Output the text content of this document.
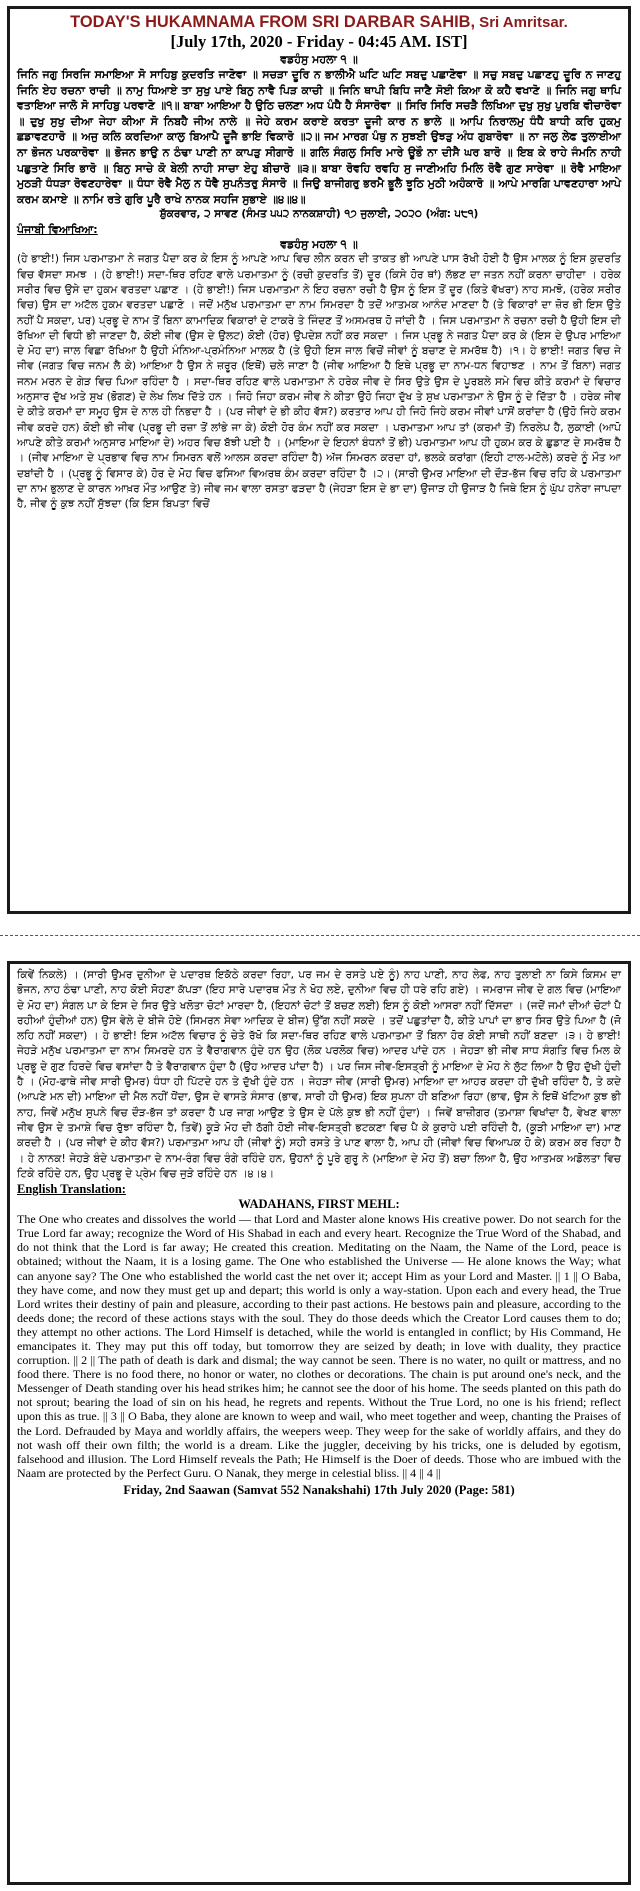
TODAY'S HUKAMNAMA FROM SRI DARBAR SAHIB, Sri Amritsar.
[July 17th, 2020 - Friday - 04:45 AM. IST]
ਵਡਹੰਸੁ ਮਹਲਾ ੧ ॥

ਜਿਨਿ ਜਗੁ ਸਿਰਜਿ ਸਮਾਇਆ ਸੋ ਸਾਹਿਬੁ ਕੁਦਰਤਿ ਜਾਣੋਵਾ ॥ ਸਚੜਾ ਦੂਰਿ ਨ ਭਾਲੀਐ ਘਟਿ ਘਟਿ ਸਬਦੁ ਪਛਾਣੋਵਾ ॥ ਸਚੁ ਸਬਦੁ ਪਛਾਣਹੁ ਦੂਰਿ ਨ ਜਾਣਹੁ ਜਿਨਿ ਏਹ ਰਚਨਾ ਰਾਚੀ ॥ ਨਾਮੁ ਧਿਆਏ ਤਾ ਸੁਖੁ ਪਾਏ ਬਿਨੁ ਨਾਵੈ ਪਿੜ ਕਾਚੀ ॥ ਜਿਨਿ ਥਾਪੀ ਬਿਧਿ ਜਾਣੈ ਸੋਈ ਕਿਆ ਕੋ ਕਹੈ ਵਖਾਣੋ ॥ ਜਿਨਿ ਜਗੁ ਥਾਪਿ ਵਤਾਇਆ ਜਾਲੋ ਸੋ ਸਾਹਿਬੁ ਪਰਵਾਣੋ ॥੧॥ ਬਾਬਾ ਆਇਆ ਹੈ ਉਠਿ ਚਲਣਾ ਅਧ ਪੰਧੈ ਹੈ ਸੰਸਾਰੋਵਾ ॥ ਸਿਰਿ ਸਿਰਿ ਸਚੜੈ ਲਿਖਿਆ ਦੁਖੁ ਸੁਖੁ ਪੁਰਬਿ ਵੀਚਾਰੋਵਾ ॥ ਦੁਖੁ ਸੁਖੁ ਦੀਆ ਜੇਹਾ ਕੀਆ ਸੋ ਨਿਬਹੈ ਜੀਅ ਨਾਲੇ ॥ ਜੇਹੇ ਕਰਮ ਕਰਾਏ ਕਰਤਾ ਦੂਜੀ ਕਾਰ ਨ ਭਾਲੇ ॥ ਆਪਿ ਨਿਰਾਲਮੁ ਧੰਧੈ ਬਾਧੀ ਕਰਿ ਹੁਕਮੁ ਛਡਾਵਣਹਾਰੋ ॥ ਅਜੁ ਕਲਿ ਕਰਦਿਆ ਕਾਲੁ ਬਿਆਪੈ ਦੂਜੈ ਭਾਇ ਵਿਕਾਰੋ ॥੨॥ ਜਮ ਮਾਰਗ ਪੰਥੁ ਨ ਸੁਝਈ ਉਝੜੁ ਅੰਧ ਗੁਬਾਰੋਵਾ ॥ ਨਾ ਜਲੁ ਲੇਫ ਤੁਲਾਈਆ ਨਾ ਭੋਜਨ ਪਰਕਾਰੋਵਾ ॥ ਭੋਜਨ ਭਾਉ ਨ ਠੰਢਾ ਪਾਣੀ ਨਾ ਕਾਪੜੁ ਸੀਗਾਰੋ ॥ ਗਲਿ ਸੰਗਲੁ ਸਿਰਿ ਮਾਰੇ ਊਭੌ ਨਾ ਦੀਸੈ ਘਰ ਬਾਰੋ ॥ ਇਬ ਕੇ ਰਾਹੇ ਜੰਮਨਿ ਨਾਹੀ ਪਛੁਤਾਣੇ ਸਿਰਿ ਭਾਰੋ ॥ ਬਿਨੁ ਸਾਚੇ ਕੋ ਬੇਲੀ ਨਾਹੀ ਸਾਚਾ ਏਹੁ ਬੀਚਾਰੋ ॥੩॥ ਬਾਬਾ ਰੋਵਹਿ ਰਵਹਿ ਸੁ ਜਾਣੀਅਹਿ ਮਿਲਿ ਰੋਵੈ ਗੁਣ ਸਾਰੇਵਾ ॥ ਰੋਵੈ ਮਾਇਆ ਮੁਠੜੀ ਧੰਧੜਾ ਰੋਵਣਹਾਰੇਵਾ ॥ ਧੰਧਾ ਰੋਵੈ ਮੈਲੁ ਨ ਧੋਵੈ ਸੁਪਨੰਤਰੁ ਸੰਸਾਰੋ ॥ ਜਿਉ ਬਾਜੀਗਰੁ ਭਰਮੈ ਭੂਲੈ ਝੂਠਿ ਮੁਠੀ ਅਹੰਕਾਰੋ ॥ ਆਪੇ ਮਾਰਗਿ ਪਾਵਣਹਾਰਾ ਆਪੇ ਕਰਮ ਕਮਾਏ ॥ ਨਾਮਿ ਰਤੇ ਗੁਰਿ ਪੂਰੈ ਰਾਖੇ ਨਾਨਕ ਸਹਜਿ ਸੁਭਾਏ ॥੪॥੪॥

ਸ਼ੁੱਕਰਵਾਰ, ੨ ਸਾਵਣ (ਸੰਮਤ ੫੫੨ ਨਾਨਕਸ਼ਾਹੀ) ੧੭ ਜੁਲਾਈ, ੨੦੨੦ (ਅੰਗ: ੫੮੧)
ਪੰਜਾਬੀ ਵਿਆਖਿਆ:
ਵਡਹੰਸੁ ਮਹਲਾ ੧ ॥

(ਹੇ ਭਾਈ!) ਜਿਸ ਪਰਮਾਤਮਾ ਨੇ ਜਗਤ ਪੈਦਾ ਕਰ ਕੇ ਇਸ ਨੂੰ ਆਪਣੇ ਆਪ ਵਿਚ ਲੀਨ ਕਰਨ ਦੀ ਤਾਕਤ ਭੀ ਆਪਣੇ ਪਾਸ ਰੱਖੀ ਹੋਈ ਹੈ ਉਸ ਮਾਲਕ ਨੂੰ ਇਸ ਕੁਦਰਤਿ ਵਿਚ ਵੱਸਦਾ ਸਮਝ । (ਹੇ ਭਾਈ!) ਸਦਾ-ਥਿਰ ਰਹਿਣ ਵਾਲੇ ਪਰਮਾਤਮਾ ਨੂੰ (ਰਚੀ ਕੁਦਰਤਿ ਤੋਂ) ਦੂਰ (ਕਿਸੇ ਹੋਰ ਥਾਂ) ਲੱਭਣ ਦਾ ਜਤਨ ਨਹੀਂ ਕਰਨਾ ਚਾਹੀਦਾ । ਹਰੇਕ ਸਰੀਰ ਵਿਚ ਉਸੇ ਦਾ ਹੁਕਮ ਵਰਤਦਾ ਪਛਾਣ । (ਹੇ ਭਾਈ!) ਜਿਸ ਪਰਮਾਤਮਾ ਨੇ ਇਹ ਰਚਨਾ ਰਚੀ ਹੈ ਉਸ ਨੂੰ ਇਸ ਤੋਂ ਦੂਰ (ਕਿਤੇ ਵੱਖਰਾ) ਨਾਹ ਸਮਝੋ, (ਹਰੇਕ ਸਰੀਰ ਵਿਚ) ਉਸ ਦਾ ਅਟੱਲ ਹੁਕਮ ਵਰਤਦਾ ਪਛਾਣੋ । ਜਦੋਂ ਮਨੁੱਖ ਪਰਮਾਤਮਾ ਦਾ ਨਾਮ ਸਿਮਰਦਾ ਹੈ ਤਦੋਂ ਆਤਮਕ ਆਨੰਦ ਮਾਣਦਾ ਹੈ (ਤੇ ਵਿਕਾਰਾਂ ਦਾ ਜ਼ੋਰ ਭੀ ਇਸ ਉਤੇ ਨਹੀਂ ਪੈ ਸਕਦਾ, ਪਰ) ਪ੍ਰਭੂ ਦੇ ਨਾਮ ਤੋਂ ਬਿਨਾ ਕਾਮਾਦਿਕ ਵਿਕਾਰਾਂ ਦੇ ਟਾਕਰੇ ਤੇ ਜਿੰਦਣ ਤੋਂ ਅਸਮਰਥ ਹੋ ਜਾਂਦੀ ਹੈ । ਜਿਸ ਪਰਮਾਤਮਾ ਨੇ ਰਚਨਾ ਰਚੀ ਹੈ ਉਹੀ ਇਸ ਦੀ ਰੱਖਿਆ ਦੀ ਵਿਧੀ ਭੀ ਜਾਣਦਾ ਹੈ, ਕੋਈ ਜੀਵ (ਉਸ ਦੇ ਉਲਟ) ਕੋਈ (ਹੋਰ) ਉਪਦੇਸ਼ ਨਹੀਂ ਕਰ ਸਕਦਾ । ਜਿਸ ਪ੍ਰਭੂ ਨੇ ਜਗਤ ਪੈਦਾ ਕਰ ਕੇ (ਇਸ ਦੇ ਉਪਰ ਮਾਇਆ ਦੇ ਮੋਹ ਦਾ) ਜਾਲ ਵਿਛਾ ਰੱਖਿਆ ਹੈ ਉਹੀ ਮੰਨਿਆ-ਪ੍ਰਮੰਨਿਆ ਮਾਲਕ ਹੈ (ਤੇ ਉਹੀ ਇਸ ਜਾਲ ਵਿਚੋਂ ਜੀਵਾਂ ਨੂੰ ਬਚਾਣ ਦੇ ਸਮਰੱਥ ਹੈ) ।੧। ਹੇ ਭਾਈ! ਜਗਤ ਵਿਚ ਜੇ ਜੀਵ (ਜਗਤ ਵਿਚ ਜਨਮ ਲੈ ਕੇ) ਆਇਆ ਹੈ ਉਸ ਨੇ ਜ਼ਰੂਰ (ਇਥੋਂ) ਚਲੇ ਜਾਣਾ ਹੈ (ਜੀਵ ਆਇਆ ਹੈ ਇਥੇ ਪ੍ਰਭੂ ਦਾ ਨਾਮ-ਧਨ ਵਿਹਾਝਣ । ਨਾਮ ਤੋਂ ਬਿਨਾ) ਜਗਤ ਜਨਮ ਮਰਨ ਦੇ ਗੇੜ ਵਿਚ ਪਿਆ ਰਹਿੰਦਾ ਹੈ । ਸਦਾ-ਥਿਰ ਰਹਿਣ ਵਾਲੇ ਪਰਮਾਤਮਾ ਨੇ ਹਰੇਕ ਜੀਵ ਦੇ ਸਿਰ ਉਤੇ ਉਸ ਦੇ ਪੂਰਬਲੇ ਸਮੇ ਵਿਚ ਕੀਤੇ ਕਰਮਾਂ ਦੇ ਵਿਚਾਰ ਅਨੁਸਾਰ ਦੁੱਖ ਅਤੇ ਸੁਖ (ਭੋਗਣ) ਦੇ ਲੇਖ ਲਿਖ ਦਿੱਤੇ ਹਨ । ਜਿਹੋ ਜਿਹਾ ਕਰਮ ਜੀਵ ਨੇ ਕੀਤਾ ਉਹੋ ਜਿਹਾ ਦੁੱਖ ਤੇ ਸੁਖ ਪਰਮਾਤਮਾ ਨੇ ਉਸ ਨੂੰ ਦੇ ਦਿੱਤਾ ਹੈ । ਹਰੇਕ ਜੀਵ ਦੇ ਕੀਤੇ ਕਰਮਾਂ ਦਾ ਸਮੂਹ ਉਸ ਦੇ ਨਾਲ ਹੀ ਨਿਭਦਾ ਹੈ । (ਪਰ ਜੀਵਾਂ ਦੇ ਭੀ ਕੀਹ ਵੱਸ?) ਕਰਤਾਰ ਆਪ ਹੀ ਜਿਹੋ ਜਿਹੇ ਕਰਮ ਜੀਵਾਂ ਪਾਸੋਂ ਕਰਾਂਦਾ ਹੈ (ਉਹੋ ਜਿਹੇ ਕਰਮ ਜੀਵ ਕਰਦੇ ਹਨ) ਕੋਈ ਭੀ ਜੀਵ (ਪ੍ਰਭੂ ਦੀ ਰਜ਼ਾ ਤੋਂ ਲਾਂਭੇ ਜਾ ਕੇ) ਕੋਈ ਹੋਰ ਕੰਮ ਨਹੀਂ ਕਰ ਸਕਦਾ । ਪਰਮਾਤਮਾ ਆਪ ਤਾਂ (ਕਰਮਾਂ ਤੋਂ) ਨਿਰਲੇਪ ਹੈ, ਲੁਕਾਈ (ਆਪੋ ਆਪਣੇ ਕੀਤੇ ਕਰਮਾਂ ਅਨੁਸਾਰ ਮਾਇਆ ਦੇ) ਅਹਰ ਵਿਚ ਬੱਝੀ ਪਈ ਹੈ । (ਮਾਇਆ ਦੇ ਇਹਨਾਂ ਬੰਧਨਾਂ ਤੋਂ ਭੀ) ਪਰਮਾਤਮਾ ਆਪ ਹੀ ਹੁਕਮ ਕਰ ਕੇ ਛੁਡਾਣ ਦੇ ਸਮਰੱਥ ਹੈ । (ਜੀਵ ਮਾਇਆ ਦੇ ਪ੍ਰਭਾਵ ਵਿਚ ਨਾਮ ਸਿਮਰਨ ਵਲੋਂ ਆਲਸ ਕਰਦਾ ਰਹਿੰਦਾ ਹੈ) ਅੱਜ ਸਿਮਰਨ ਕਰਦਾ ਹਾਂ, ਭਲਕੇ ਕਰਾਂਗਾ (ਇਹੀ ਟਾਲ-ਮਟੋਲੇ) ਕਰਦੇ ਨੂੰ ਮੌਤ ਆ ਦਬਾਂਦੀ ਹੈ । (ਪ੍ਰਭੂ ਨੂੰ ਵਿਸਾਰ ਕੇ) ਹੋਰ ਦੇ ਮੋਹ ਵਿਚ ਫਸਿਆ ਵਿਅਰਥ ਕੰਮ ਕਰਦਾ ਰਹਿੰਦਾ ਹੈ ।੨। (ਸਾਰੀ ਉਮਰ ਮਾਇਆ ਦੀ ਦੌੜ-ਭੱਜ ਵਿਚ ਰਹਿ ਕੇ ਪਰਮਾਤਮਾ ਦਾ ਨਾਮ ਭੁਲਾਣ ਦੇ ਕਾਰਨ ਆਖ਼ਰ ਮੌਤ ਆਉਣ ਤੇ) ਜੀਵ ਜਮ ਵਾਲਾ ਰਸਤਾ ਫੜਦਾ ਹੈ (ਜੇਹੜਾ ਇਸ ਦੇ ਭਾ ਦਾ) ਉਜਾੜ ਹੀ ਉਜਾੜ ਹੈ ਜਿਥੇ ਇਸ ਨੂੰ ਘੁੱਪ ਹਨੇਰਾ ਜਾਪਦਾ ਹੈ, ਜੀਵ ਨੂੰ ਕੁਝ ਨਹੀਂ ਸੁੱਝਦਾ (ਕਿ ਇਸ ਬਿਪਤਾ ਵਿਚੋਂ

ਕਿਵੇਂ ਨਿਕਲੇ) । (ਸਾਰੀ ਉਮਰ ਦੁਨੀਆ ਦੇ ਪਦਾਰਥ ਇਕੱਠੇ ਕਰਦਾ ਰਿਹਾ, ਪਰ ਜਮ ਦੇ ਰਸਤੇ ਪਏ ਨੂੰ) ਨਾਹ ਪਾਣੀ, ਨਾਹ ਲੇਫ, ਨਾਹ ਤੁਲਾਈ ਨਾ ਕਿਸੇ ਕਿਸਮ ਦਾ ਭੋਜਨ, ਨਾਹ ਠੰਢਾ ਪਾਣੀ, ਨਾਹ ਕੋਈ ਸੋਹਣਾ ਕੱਪੜਾ (ਇਹ ਸਾਰੇ ਪਦਾਰਥ ਮੌਤ ਨੇ ਖੋਹ ਲਏ, ਦੁਨੀਆ ਵਿਚ ਹੀ ਧਰੇ ਰਹਿ ਗਏ) । ਜਮਰਾਜ ਜੀਵ ਦੇ ਗਲ ਵਿਚ (ਮਾਇਆ ਦੇ ਮੋਹ ਦਾ) ਸੰਗਲ ਪਾ ਕੇ ਇਸ ਦੇ ਸਿਰ ਉਤੇ ਖਲੋਤਾ ਚੋਟਾਂ ਮਾਰਦਾ ਹੈ, (ਇਹਨਾਂ ਚੋਟਾਂ ਤੋਂ ਬਚਣ ਲਈ) ਇਸ ਨੂੰ ਕੋਈ ਆਸਰਾ ਨਹੀਂ ਦਿੱਸਦਾ । (ਜਦੋਂ ਜਮਾਂ ਦੀਆਂ ਚੋਟਾਂ ਪੈ ਰਹੀਆਂ ਹੁੰਦੀਆਂ ਹਨ) ਉਸ ਵੇਲੇ ਦੇ ਬੀਜੇ ਹੋਏ (ਸਿਮਰਨ ਸੇਵਾ ਆਦਿਕ ਦੇ ਬੀਜ) ਉੱਗ ਨਹੀਂ ਸਕਦੇ । ਤਦੋਂ ਪਛੁਤਾਂਦਾ ਹੈ, ਕੀਤੇ ਪਾਪਾਂ ਦਾ ਭਾਰ ਸਿਰ ਉਤੇ ਪਿਆ ਹੈ (ਜੋ ਲਹਿ ਨਹੀਂ ਸਕਦਾ) । ਹੇ ਭਾਈ! ਇਸ ਅਟੱਲ ਵਿਚਾਰ ਨੂੰ ਚੇਤੇ ਰੱਖੋ ਕਿ ਸਦਾ-ਥਿਰ ਰਹਿਣ ਵਾਲੇ ਪਰਮਾਤਮਾ ਤੋਂ ਬਿਨਾ ਹੋਰ ਕੋਈ ਸਾਥੀ ਨਹੀਂ ਬਣਦਾ ।੩। ਹੇ ਭਾਈ! ਜੇਹੜੇ ਮਨੁੱਖ ਪਰਮਾਤਮਾ ਦਾ ਨਾਮ ਸਿਮਰਦੇ ਹਨ ਤੇ ਵੈਰਾਗਵਾਨ ਹੁੰਦੇ ਹਨ ਉਹ (ਲੋਕ ਪਰਲੋਕ ਵਿਚ) ਆਦਰ ਪਾਂਦੇ ਹਨ । ਜੇਹੜਾ ਭੀ ਜੀਵ ਸਾਧ ਸੰਗਤਿ ਵਿਚ ਮਿਲ ਕੇ ਪ੍ਰਭੂ ਦੇ ਗੁਣ ਹਿਰਦੇ ਵਿਚ ਵਸਾਂਦਾ ਹੈ ਤੇ ਵੈਰਾਗਵਾਨ ਹੁੰਦਾ ਹੈ (ਉਹ ਆਦਰ ਪਾਂਦਾ ਹੈ) । ਪਰ ਜਿਸ ਜੀਵ-ਇਸਤ੍ਰੀ ਨੂੰ ਮਾਇਆ ਦੇ ਮੋਹ ਨੇ ਲੁੱਟ ਲਿਆ ਹੈ ਉਹ ਦੁੱਖੀ ਹੁੰਦੀ ਹੈ । (ਮੋਹ-ਫਾਥੇ ਜੀਵ ਸਾਰੀ ਉਮਰ) ਧੰਧਾ ਹੀ ਪਿੱਟਦੇ ਹਨ ਤੇ ਦੁੱਖੀ ਹੁੰਦੇ ਹਨ । ਜੇਹੜਾ ਜੀਵ (ਸਾਰੀ ਉਮਰ) ਮਾਇਆ ਦਾ ਆਹਰ ਕਰਦਾ ਹੀ ਦੁੱਖੀ ਰਹਿੰਦਾ ਹੈ, ਤੇ ਕਦੇ (ਆਪਣੇ ਮਨ ਦੀ) ਮਾਇਆ ਦੀ ਮੈਲ ਨਹੀਂ ਧੋਂਦਾ, ਉਸ ਦੇ ਵਾਸਤੇ ਸੰਸਾਰ (ਭਾਵ, ਸਾਰੀ ਹੀ ਉਮਰ) ਇਕ ਸੁਪਨਾ ਹੀ ਬਣਿਆ ਰਿਹਾ (ਭਾਵ, ਉਸ ਨੇ ਇਥੋਂ ਖੱਟਿਆ ਕੁਝ ਭੀ ਨਾਹ, ਜਿਵੇਂ ਮਨੁੱਖ ਸੁਪਨੇ ਵਿਚ ਦੌੜ-ਭੱਜ ਤਾਂ ਕਰਦਾ ਹੈ ਪਰ ਜਾਗ ਆਉਣ ਤੇ ਉਸ ਦੇ ਪੱਲੇ ਕੁਝ ਭੀ ਨਹੀਂ ਹੁੰਦਾ) । ਜਿਵੇਂ ਬਾਜ਼ੀਗਰ (ਤਮਾਸ਼ਾ ਵਿਖਾਂਦਾ ਹੈ, ਵੇਖਣ ਵਾਲਾ ਜੀਵ ਉਸ ਦੇ ਤਮਾਸ਼ੇ ਵਿਚ ਰੁੱਝਾ ਰਹਿੰਦਾ ਹੈ, ਤਿਵੇਂ) ਕੂੜੇ ਮੋਹ ਦੀ ਠੱਗੀ ਹੋਈ ਜੀਵ-ਇਸਤ੍ਰੀ ਭਟਕਣਾ ਵਿਚ ਪੈ ਕੇ ਕੁਰਾਹੇ ਪਈ ਰਹਿੰਦੀ ਹੈ, (ਕੂੜੀ ਮਾਇਆ ਦਾ) ਮਾਣ ਕਰਦੀ ਹੈ । (ਪਰ ਜੀਵਾਂ ਦੇ ਕੀਹ ਵੱਸ?) ਪਰਮਾਤਮਾ ਆਪ ਹੀ (ਜੀਵਾਂ ਨੂੰ) ਸਹੀ ਰਸਤੇ ਤੇ ਪਾਣ ਵਾਲਾ ਹੈ, ਆਪ ਹੀ (ਜੀਵਾਂ ਵਿਚ ਵਿਆਪਕ ਹੋ ਕੇ) ਕਰਮ ਕਰ ਰਿਹਾ ਹੈ । ਹੇ ਨਾਨਕ! ਜੇਹੜੇ ਬੰਦੇ ਪਰਮਾਤਮਾ ਦੇ ਨਾਮ-ਰੰਗ ਵਿਚ ਰੰਗੇ ਰਹਿੰਦੇ ਹਨ, ਉਹਨਾਂ ਨੂੰ ਪੂਰੇ ਗੁਰੂ ਨੇ (ਮਾਇਆ ਦੇ ਮੋਹ ਤੋਂ) ਬਚਾ ਲਿਆ ਹੈ, ਉਹ ਆਤਮਕ ਅਡੋਲਤਾ ਵਿਚ ਟਿਕੇ ਰਹਿੰਦੇ ਹਨ, ਉਹ ਪ੍ਰਭੂ ਦੇ ਪ੍ਰੇਮ ਵਿਚ ਜੁੜੇ ਰਹਿੰਦੇ ਹਨ ।੪।੪।

English Translation:
WADAHANS, FIRST MEHL:

The One who creates and dissolves the world — that Lord and Master alone knows His creative power. Do not search for the True Lord far away; recognize the Word of His Shabad in each and every heart. Recognize the True Word of the Shabad, and do not think that the Lord is far away; He created this creation. Meditating on the Naam, the Name of the Lord, peace is obtained; without the Naam, it is a losing game. The One who established the Universe — He alone knows the Way; what can anyone say? The One who established the world cast the net over it; accept Him as your Lord and Master. || 1 || O Baba, they have come, and now they must get up and depart; this world is only a way-station. Upon each and every head, the True Lord writes their destiny of pain and pleasure, according to their past actions. He bestows pain and pleasure, according to the deeds done; the record of these actions stays with the soul. They do those deeds which the Creator Lord causes them to do; they attempt no other actions. The Lord Himself is detached, while the world is entangled in conflict; by His Command, He emancipates it. They may put this off today, but tomorrow they are seized by death; in love with duality, they practice corruption. || 2 || The path of death is dark and dismal; the way cannot be seen. There is no water, no quilt or mattress, and no food there. There is no food there, no honor or water, no clothes or decorations. The chain is put around one's neck, and the Messenger of Death standing over his head strikes him; he cannot see the door of his home. The seeds planted on this path do not sprout; bearing the load of sin on his head, he regrets and repents. Without the True Lord, no one is his friend; reflect upon this as true. || 3 || O Baba, they alone are known to weep and wail, who meet together and weep, chanting the Praises of the Lord. Defrauded by Maya and worldly affairs, the weepers weep. They weep for the sake of worldly affairs, and they do not wash off their own filth; the world is a dream. Like the juggler, deceiving by his tricks, one is deluded by egotism, falsehood and illusion. The Lord Himself reveals the Path; He Himself is the Doer of deeds. Those who are imbued with the Naam are protected by the Perfect Guru. O Nanak, they merge in celestial bliss. || 4 || 4 ||

Friday, 2nd Saawan (Samvat 552 Nanakshahi) 17th July 2020 (Page: 581)
